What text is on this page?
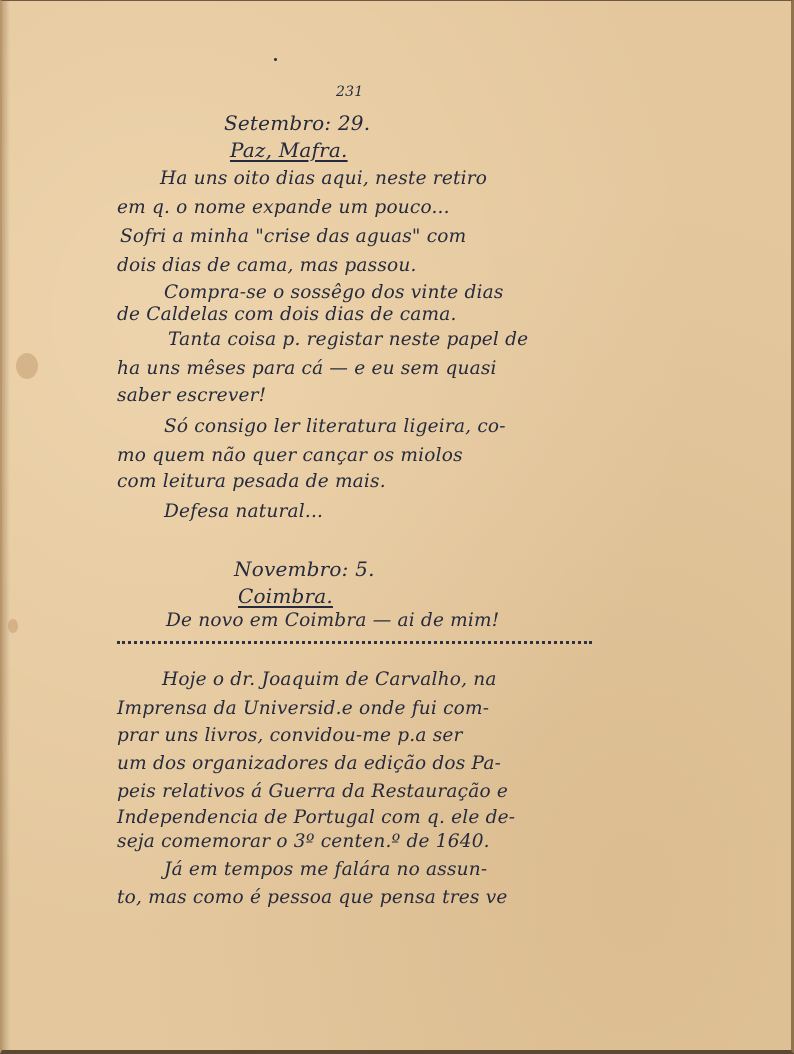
231
Setembro: 29.
Paz, Mafra.
Ha uns oito dias aqui, neste retiro
em q. o nome expande um pouco...
Sofri a minha "crise das aguas" com
dois dias de cama, mas passou.
Compra-se o sossêgo dos vinte dias
de Caldelas com dois dias de cama.
Tanta coisa p. registar neste papel de
ha uns mêses para cá — e eu sem quasi
saber escrever!
Só consigo ler literatura ligeira, co-
mo quem não quer cançar os miolos
com leitura pesada de mais.
Defesa natural...
Novembro: 5.
Coimbra.
De novo em Coimbra — ai de mim!
Hoje o dr. Joaquim de Carvalho, na
Imprensa da Universid.e onde fui com-
prar uns livros, convidou-me p.a ser
um dos organizadores da edição dos Pa-
peis relativos á Guerra da Restauração e
Independencia de Portugal com q. ele de-
seja comemorar o 3º centen.º de 1640.
Já em tempos me falára no assun-
to, mas como é pessoa que pensa tres ve
